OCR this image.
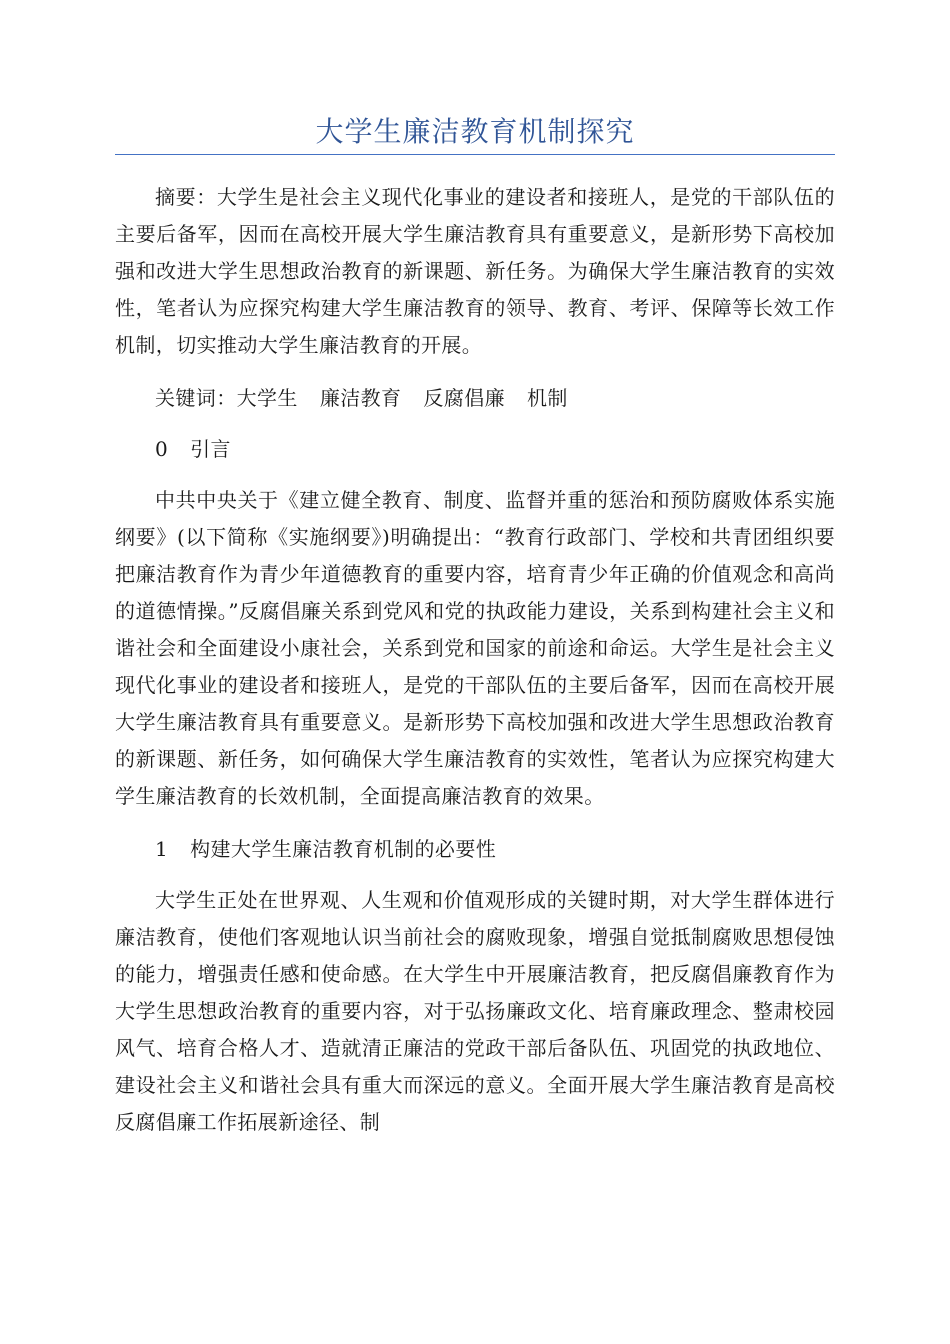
大学生廉洁教育机制探究

摘要：大学生是社会主义现代化事业的建设者和接班人，是党的干部队伍的主要后备军，因而在高校开展大学生廉洁教育具有重要意义，是新形势下高校加强和改进大学生思想政治教育的新课题、新任务。为确保大学生廉洁教育的实效性，笔者认为应探究构建大学生廉洁教育的领导、教育、考评、保障等长效工作机制，切实推动大学生廉洁教育的开展。

关键词：大学生 廉洁教育 反腐倡廉 机制

0 引言

中共中央关于《建立健全教育、制度、监督并重的惩治和预防腐败体系实施纲要》(以下简称《实施纲要》)明确提出：“教育行政部门、学校和共青团组织要把廉洁教育作为青少年道德教育的重要内容，培育青少年正确的价值观念和高尚的道德情操。”反腐倡廉关系到党风和党的执政能力建设，关系到构建社会主义和谐社会和全面建设小康社会，关系到党和国家的前途和命运。大学生是社会主义现代化事业的建设者和接班人，是党的干部队伍的主要后备军，因而在高校开展大学生廉洁教育具有重要意义。是新形势下高校加强和改进大学生思想政治教育的新课题、新任务，如何确保大学生廉洁教育的实效性，笔者认为应探究构建大学生廉洁教育的长效机制，全面提高廉洁教育的效果。

1 构建大学生廉洁教育机制的必要性

大学生正处在世界观、人生观和价值观形成的关键时期，对大学生群体进行廉洁教育，使他们客观地认识当前社会的腐败现象，增强自觉抵制腐败思想侵蚀的能力，增强责任感和使命感。在大学生中开展廉洁教育，把反腐倡廉教育作为大学生思想政治教育的重要内容，对于弘扬廉政文化、培育廉政理念、整肃校园风气、培育合格人才、造就清正廉洁的党政干部后备队伍、巩固党的执政地位、建设社会主义和谐社会具有重大而深远的意义。全面开展大学生廉洁教育是高校反腐倡廉工作拓展新途径、制
